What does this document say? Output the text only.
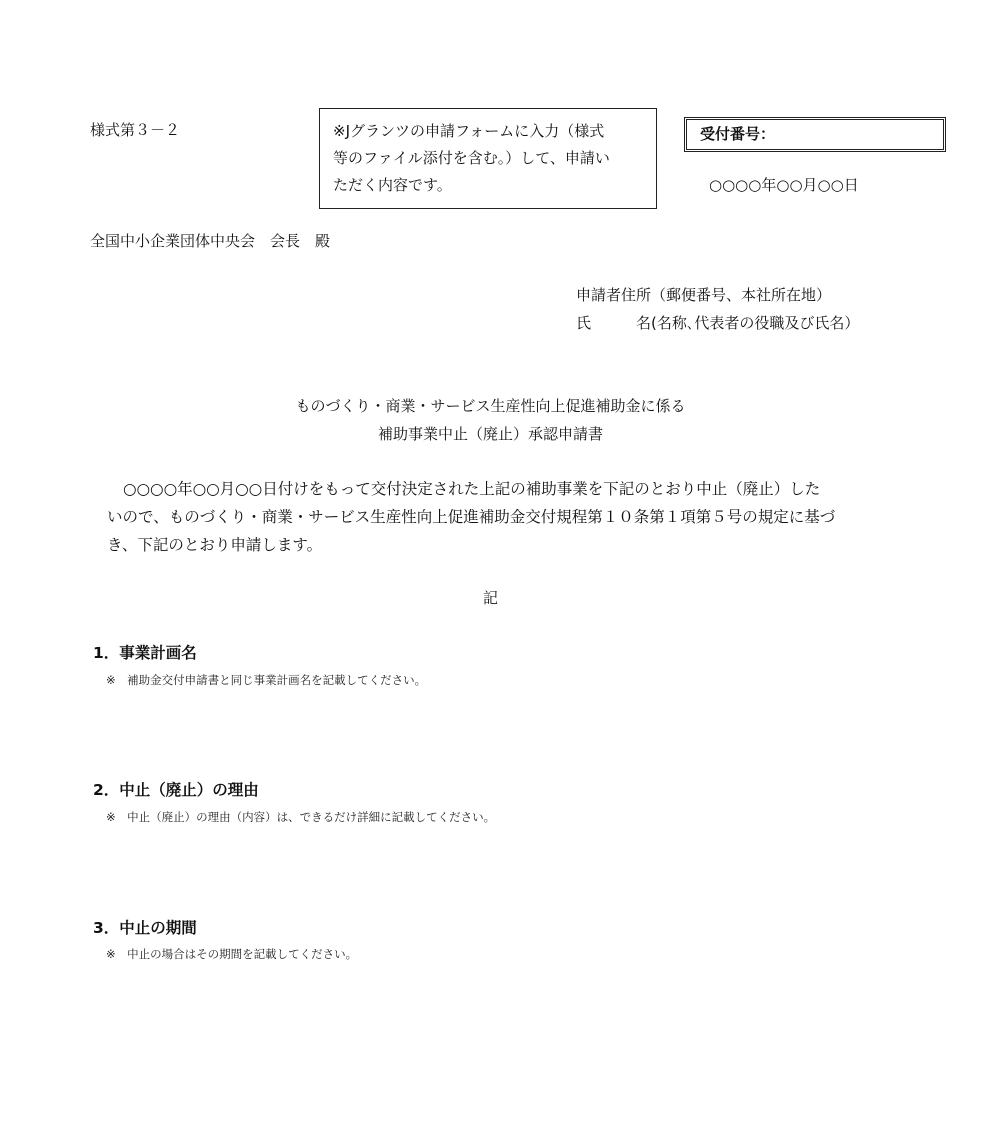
様式第３－２	※Jグランツの申請フォームに入力（様式
等のファイル添付を含む。）して、申請い
ただく内容です。
受付番号：
○○○○年○○月○○日
全国中小企業団体中央会　会長　殿
申請者住所（郵便番号、本社所在地）
氏　　　名(名称､代表者の役職及び氏名）
ものづくり・商業・サービス生産性向上促進補助金に係る
補助事業中止（廃止）承認申請書
○○○○年○○月○○日付けをもって交付決定された上記の補助事業を下記のとおり中止（廃止）した
いので、ものづくり・商業・サービス生産性向上促進補助金交付規程第１０条第１項第５号の規定に基づ
き、下記のとおり申請します。
記
1．事業計画名
※　補助金交付申請書と同じ事業計画名を記載してください。
2．中止（廃止）の理由
※　中止（廃止）の理由（内容）は、できるだけ詳細に記載してください。
3．中止の期間
※　中止の場合はその期間を記載してください。
